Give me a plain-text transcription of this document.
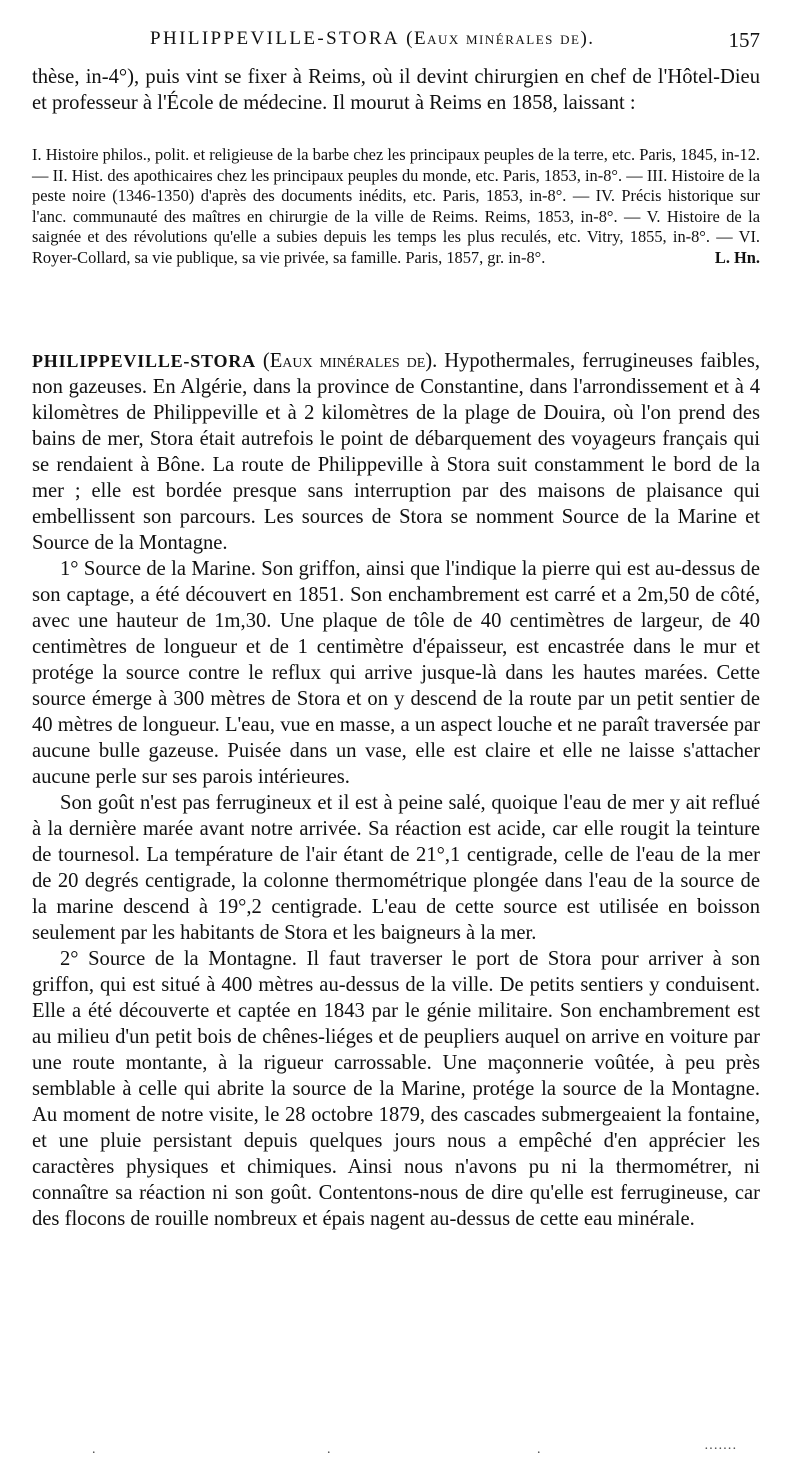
PHILIPPEVILLE-STORA (Eaux minérales de).	157

thèse, in-4°), puis vint se fixer à Reims, où il devint chirurgien en chef de l'Hôtel-Dieu et professeur à l'École de médecine. Il mourut à Reims en 1858, laissant :

I. Histoire philos., polit. et religieuse de la barbe chez les principaux peuples de la terre, etc. Paris, 1845, in-12. — II. Hist. des apothicaires chez les principaux peuples du monde, etc. Paris, 1853, in-8°. — III. Histoire de la peste noire (1346-1350) d'après des documents inédits, etc. Paris, 1853, in-8°. — IV. Précis historique sur l'anc. communauté des maîtres en chirurgie de la ville de Reims. Reims, 1853, in-8°. — V. Histoire de la saignée et des révolutions qu'elle a subies depuis les temps les plus reculés, etc. Vitry, 1855, in-8°. — VI. Royer-Collard, sa vie publique, sa vie privée, sa famille. Paris, 1857, gr. in-8°.	L. Hn.

PHILIPPEVILLE-STORA (Eaux minérales de). Hypothermales, ferrugineuses faibles, non gazeuses. En Algérie, dans la province de Constantine, dans l'arrondissement et à 4 kilomètres de Philippeville et à 2 kilomètres de la plage de Douira, où l'on prend des bains de mer, Stora était autrefois le point de débarquement des voyageurs français qui se rendaient à Bône. La route de Philippeville à Stora suit constamment le bord de la mer ; elle est bordée presque sans interruption par des maisons de plaisance qui embellissent son parcours. Les sources de Stora se nomment Source de la Marine et Source de la Montagne.

1° Source de la Marine. Son griffon, ainsi que l'indique la pierre qui est au-dessus de son captage, a été découvert en 1851. Son enchambrement est carré et a 2m,50 de côté, avec une hauteur de 1m,30. Une plaque de tôle de 40 centimètres de largeur, de 40 centimètres de longueur et de 1 centimètre d'épaisseur, est encastrée dans le mur et protége la source contre le reflux qui arrive jusque-là dans les hautes marées. Cette source émerge à 300 mètres de Stora et on y descend de la route par un petit sentier de 40 mètres de longueur. L'eau, vue en masse, a un aspect louche et ne paraît traversée par aucune bulle gazeuse. Puisée dans un vase, elle est claire et elle ne laisse s'attacher aucune perle sur ses parois intérieures.

Son goût n'est pas ferrugineux et il est à peine salé, quoique l'eau de mer y ait reflué à la dernière marée avant notre arrivée. Sa réaction est acide, car elle rougit la teinture de tournesol. La température de l'air étant de 21°,1 centigrade, celle de l'eau de la mer de 20 degrés centigrade, la colonne thermométrique plongée dans l'eau de la source de la marine descend à 19°,2 centigrade. L'eau de cette source est utilisée en boisson seulement par les habitants de Stora et les baigneurs à la mer.

2° Source de la Montagne. Il faut traverser le port de Stora pour arriver à son griffon, qui est situé à 400 mètres au-dessus de la ville. De petits sentiers y conduisent. Elle a été découverte et captée en 1843 par le génie militaire. Son enchambrement est au milieu d'un petit bois de chênes-liéges et de peupliers auquel on arrive en voiture par une route montante, à la rigueur carrossable. Une maçonnerie voûtée, à peu près semblable à celle qui abrite la source de la Marine, protége la source de la Montagne. Au moment de notre visite, le 28 octobre 1879, des cascades submergeaient la fontaine, et une pluie persistant depuis quelques jours nous a empêché d'en apprécier les caractères physiques et chimiques. Ainsi nous n'avons pu ni la thermométrer, ni connaître sa réaction ni son goût. Contentons-nous de dire qu'elle est ferrugineuse, car des flocons de rouille nombreux et épais nagent au-dessus de cette eau minérale.

.	.	.	·······
